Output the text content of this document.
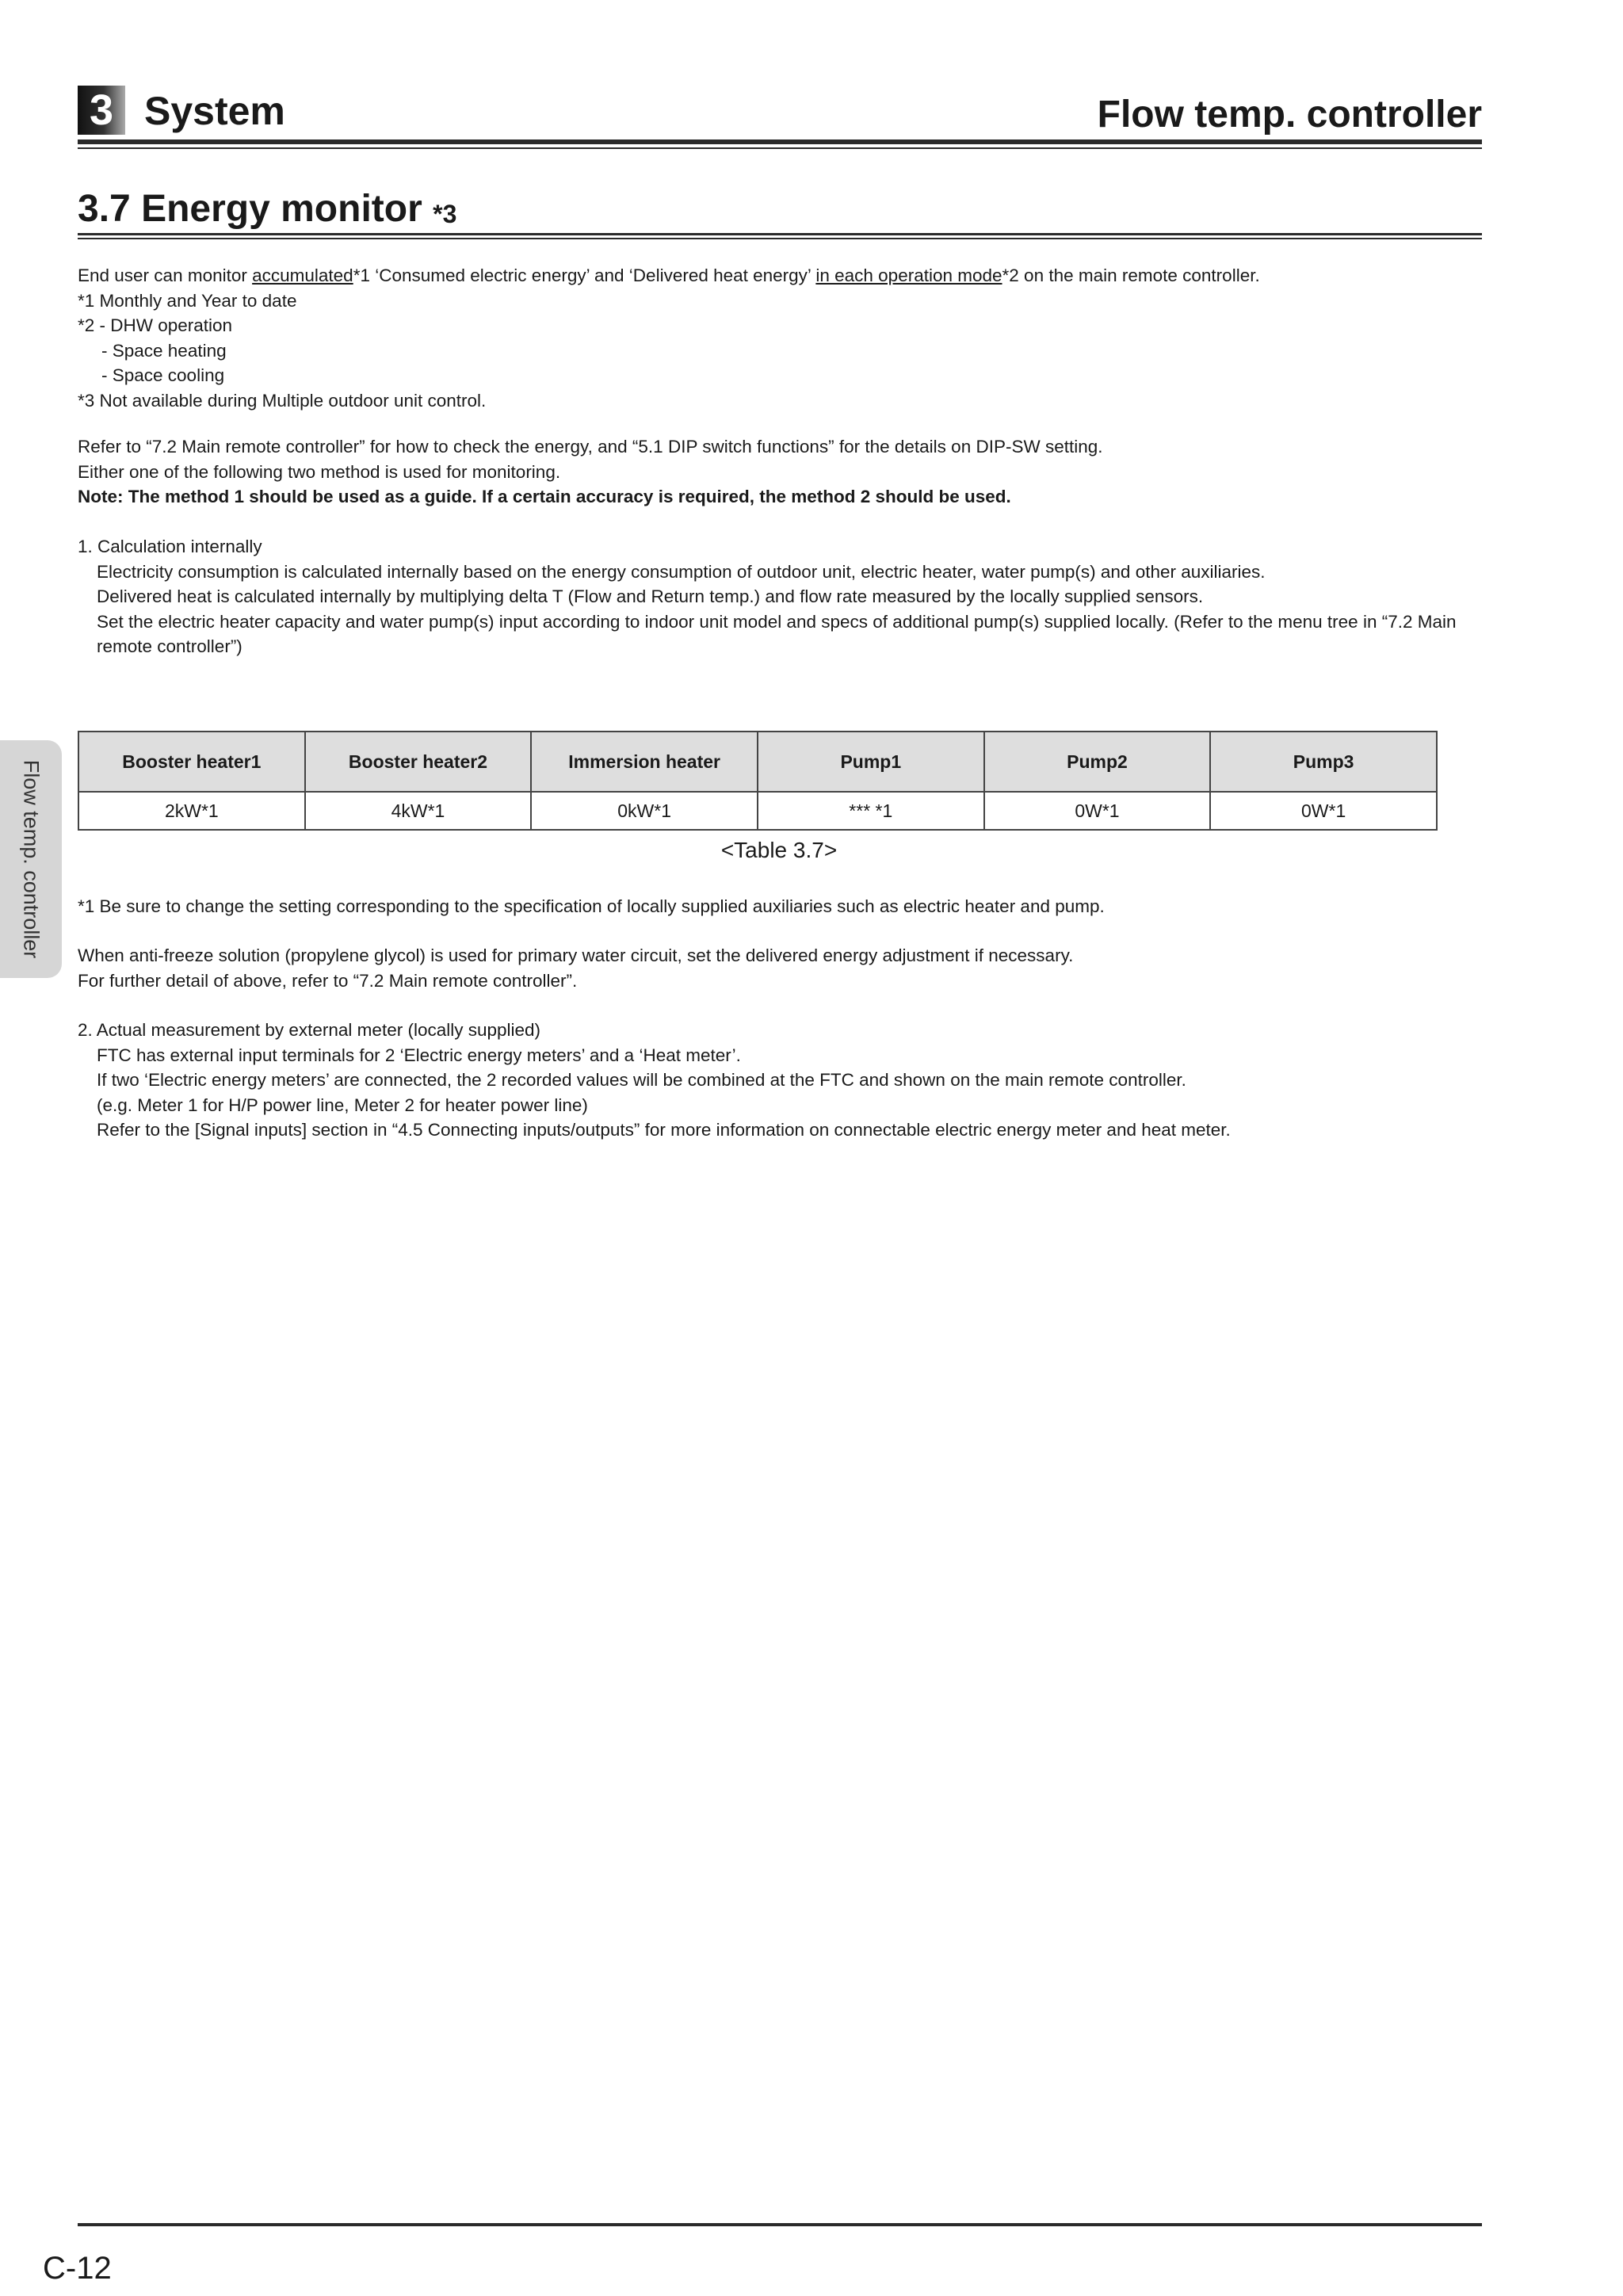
3 System	Flow temp. controller
3.7 Energy monitor $^{*3}$
Flow temp. controller

End user can monitor accumulated*1 ‘Consumed electric energy’ and ‘Delivered heat energy’ in each operation mode*2 on the main remote controller.

*1 Monthly and Year to date

*2 - DHW operation

- Space heating

- Space cooling

*3 Not available during Multiple outdoor unit control.

Refer to “7.2 Main remote controller” for how to check the energy, and “5.1 DIP switch functions” for the details on DIP-SW setting.

Either one of the following two method is used for monitoring.

Note: The method 1 should be used as a guide. If a certain accuracy is required, the method 2 should be used.

1. Calculation internally

Electricity consumption is calculated internally based on the energy consumption of outdoor unit, electric heater, water pump(s) and other auxiliaries.

Delivered heat is calculated internally by multiplying delta T (Flow and Return temp.) and flow rate measured by the locally supplied sensors.

Set the electric heater capacity and water pump(s) input according to indoor unit model and specs of additional pump(s) supplied locally. (Refer to the menu tree in “7.2 Main remote controller”)

Booster heater1	Booster heater2	Immersion heater	Pump1	Pump2	Pump3
2kW*1	4kW*1	0kW*1	*** *1	0W*1	0W*1
<Table 3.7>

*1 Be sure to change the setting corresponding to the specification of locally supplied auxiliaries such as electric heater and pump.

When anti-freeze solution (propylene glycol) is used for primary water circuit, set the delivered energy adjustment if necessary.

For further detail of above, refer to “7.2 Main remote controller”.

2. Actual measurement by external meter (locally supplied)

FTC has external input terminals for 2 ‘Electric energy meters’ and a ‘Heat meter’.

If two ‘Electric energy meters’ are connected, the 2 recorded values will be combined at the FTC and shown on the main remote controller.

(e.g. Meter 1 for H/P power line, Meter 2 for heater power line)

Refer to the [Signal inputs] section in “4.5 Connecting inputs/outputs” for more information on connectable electric energy meter and heat meter.

C-12
